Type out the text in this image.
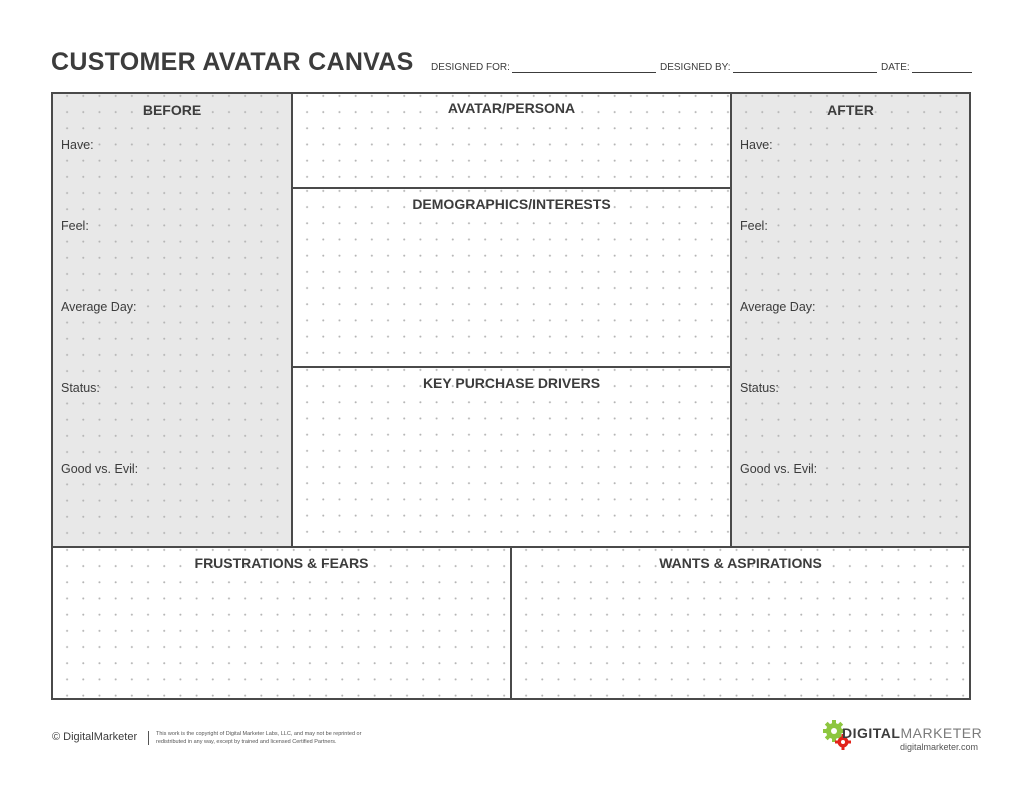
CUSTOMER AVATAR CANVAS DESIGNED FOR:	DESIGNED BY:	DATE:
BEFORE
Have:
Feel:
Average Day:
Status:
Good vs. Evil:
AVATAR/PERSONA
DEMOGRAPHICS/INTERESTS
KEY PURCHASE DRIVERS
AFTER
Have:
Feel:
Average Day:
Status:
Good vs. Evil:
FRUSTRATIONS & FEARS	WANTS & ASPIRATIONS
© DigitalMarketer	This work is the copyright of Digital Marketer Labs, LLC, and may not be reprinted or redistributed in any way, except by trained and licensed Certified Partners.
DIGITALMARKETER
digitalmarketer.com
